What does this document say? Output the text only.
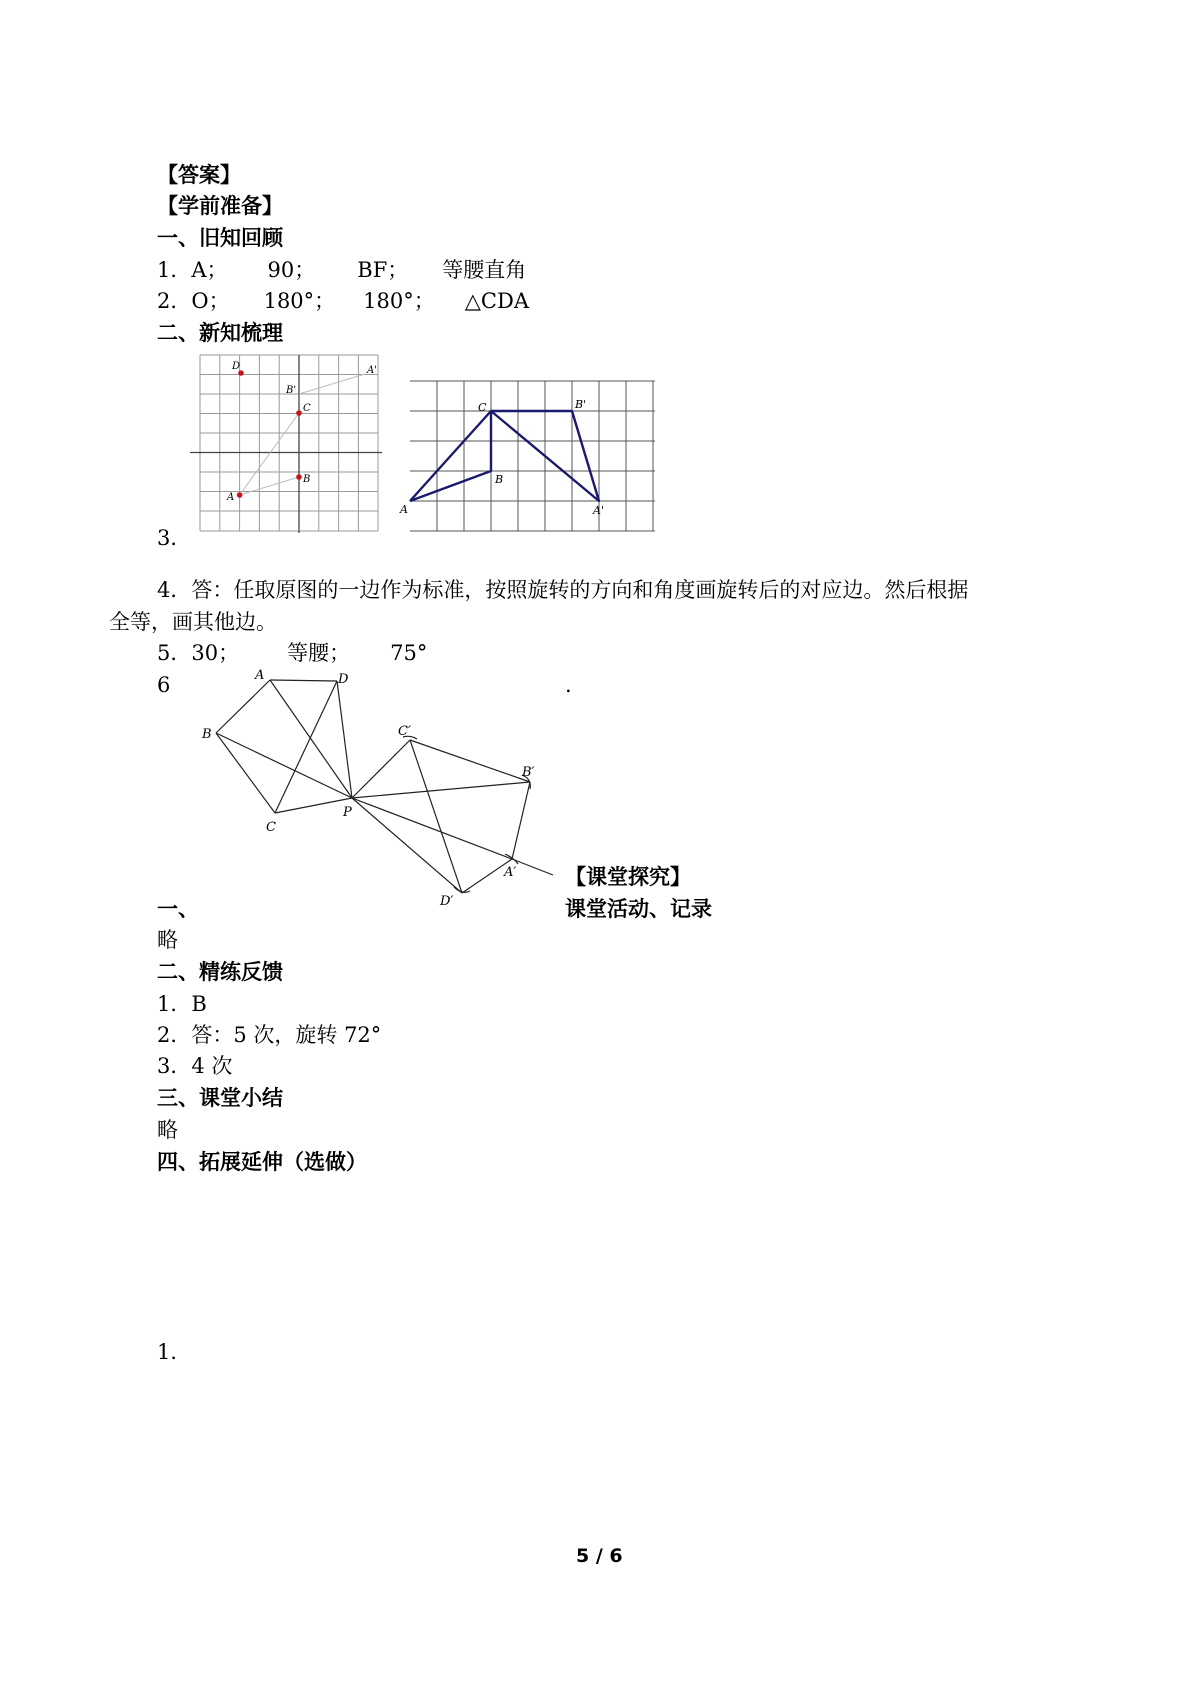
【答案】
【学前准备】
一、旧知回顾
1．A； 90； BF； 等腰直角
2．O； 180°； 180°； △CDA
二、新知梳理
D
B'
A'
C
B
A
C	B'
B
A	A'
3．
4．答：任取原图的一边作为标准，按照旋转的方向和角度画旋转后的对应边。然后根据
全等，画其他边。
5．30； 等腰； 75°
6	.
A	D
B
C
P
C′
B′
A′
D′
【课堂探究】
一、	课堂活动、记录
略
二、精练反馈
1．B
2．答：5 次，旋转 72°
3．4 次
三、课堂小结
略
四、拓展延伸（选做）
1．
5 / 6
